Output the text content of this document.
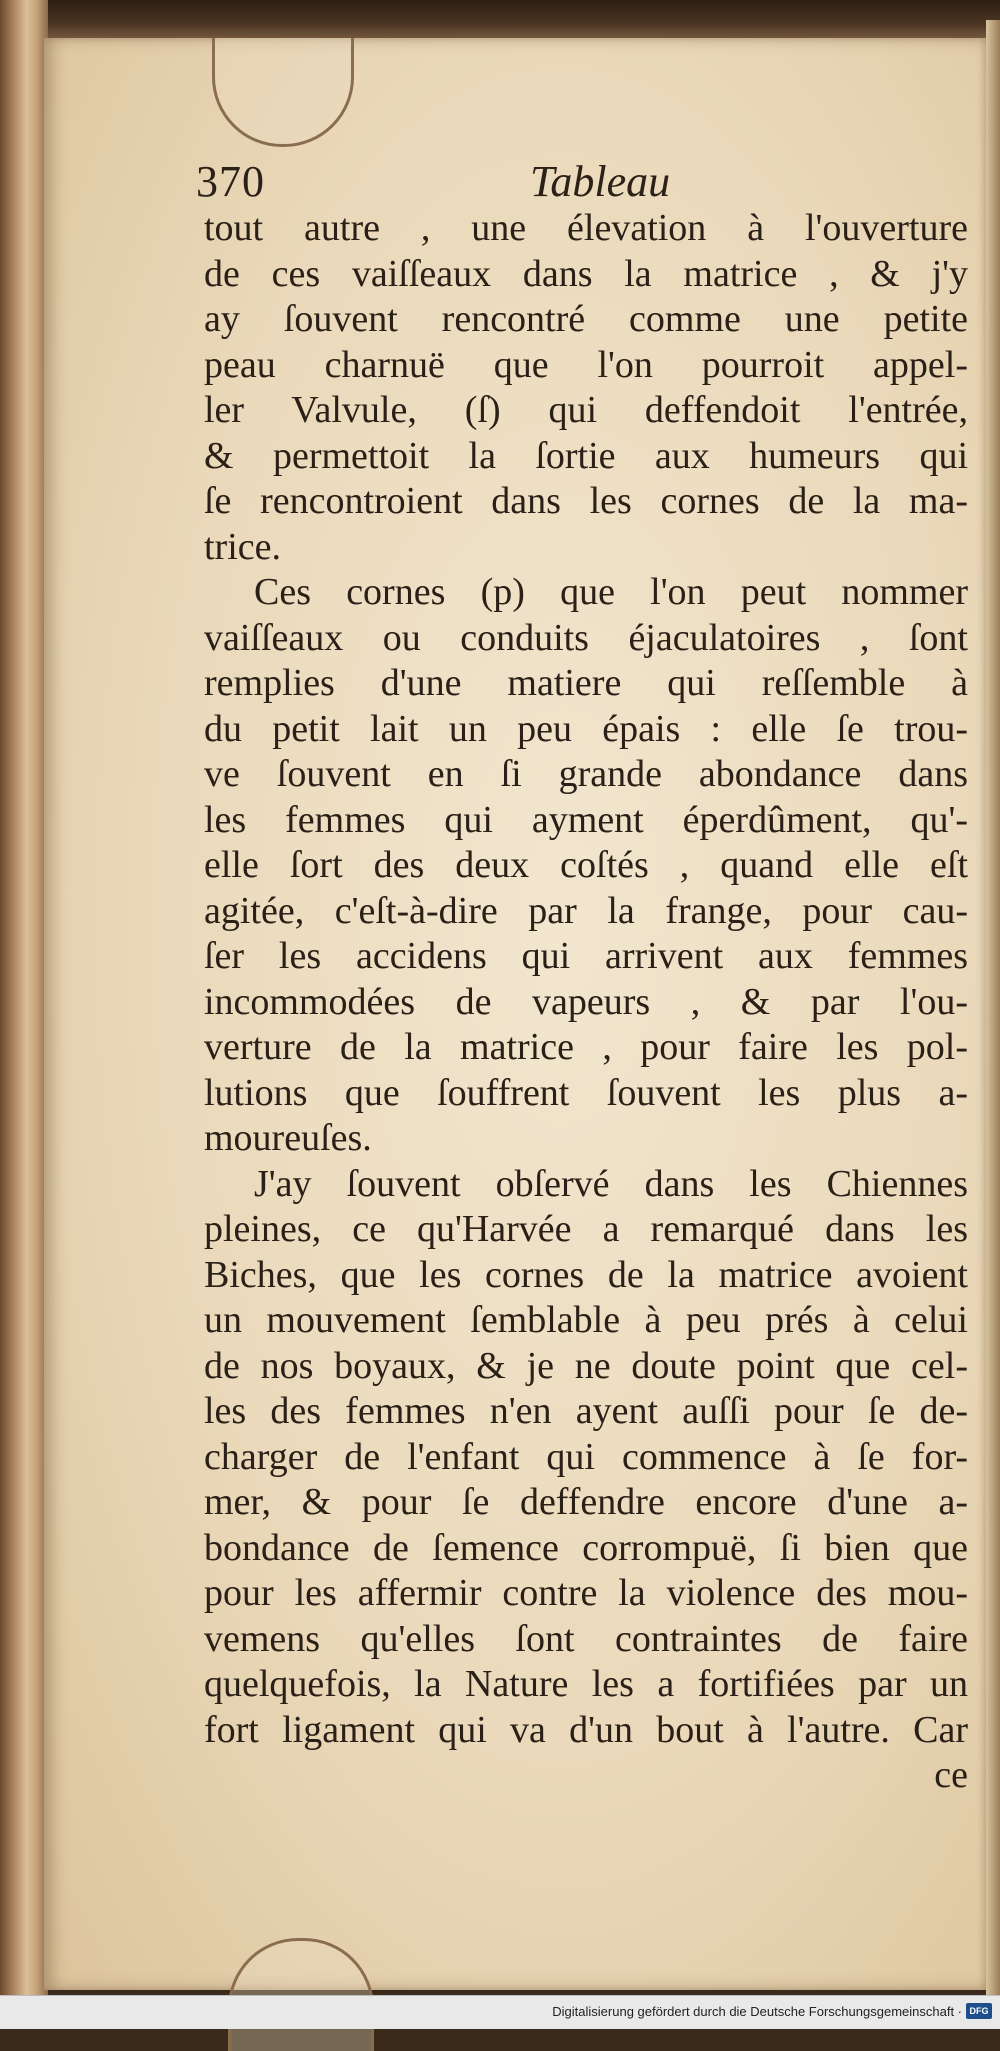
370	Tableau
tout autre , une élevation à l'ouverture
de ces vaiſſeaux dans la matrice , & j'y
ay ſouvent rencontré comme une petite
peau charnuë que l'on pourroit appel-
ler Valvule, (ſ) qui deffendoit l'entrée,
& permettoit la ſortie aux humeurs qui
ſe rencontroient dans les cornes de la ma-
trice.
Ces cornes (p) que l'on peut nommer
vaiſſeaux ou conduits éjaculatoires , ſont
remplies d'une matiere qui reſſemble à
du petit lait un peu épais : elle ſe trou-
ve ſouvent en ſi grande abondance dans
les femmes qui ayment éperdûment, qu'-
elle ſort des deux coſtés , quand elle eſt
agitée, c'eſt-à-dire par la frange, pour cau-
ſer les accidens qui arrivent aux femmes
incommodées de vapeurs , & par l'ou-
verture de la matrice , pour faire les pol-
lutions que ſouffrent ſouvent les plus a-
moureuſes.
J'ay ſouvent obſervé dans les Chiennes
pleines, ce qu'Harvée a remarqué dans les
Biches, que les cornes de la matrice avoient
un mouvement ſemblable à peu prés à celui
de nos boyaux, & je ne doute point que cel-
les des femmes n'en ayent auſſi pour ſe de-
charger de l'enfant qui commence à ſe for-
mer, & pour ſe deffendre encore d'une a-
bondance de ſemence corrompuë, ſi bien que
pour les affermir contre la violence des mou-
vemens qu'elles ſont contraintes de faire
quelquefois, la Nature les a fortifiées par un
fort ligament qui va d'un bout à l'autre. Car
ce
Digitalisierung gefördert durch die Deutsche Forschungsgemeinschaft · DFG
